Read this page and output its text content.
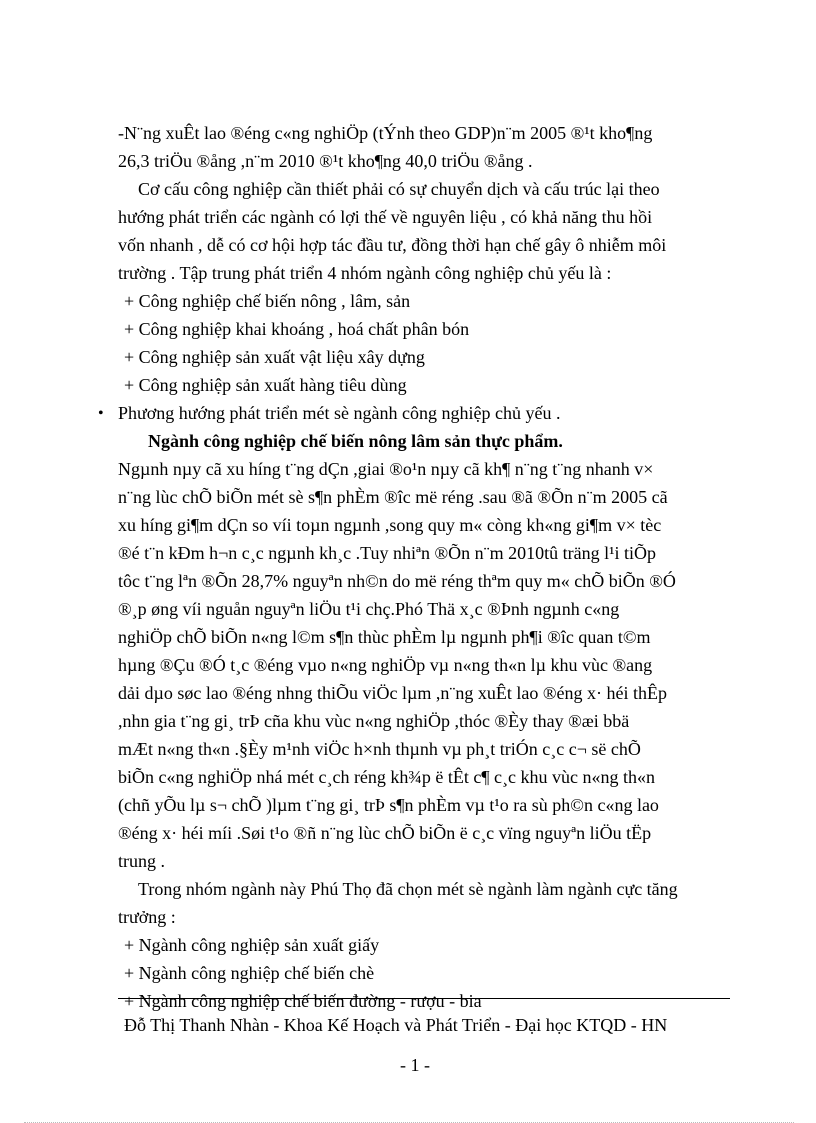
-N¨ng xuÊt lao ®éng c«ng nghiÖp (tÝnh theo GDP)n¨m 2005 ®¹t kho¶ng
26,3 triÖu ®ång ,n¨m 2010 ®¹t kho¶ng 40,0 triÖu ®ång .
Cơ cấu công nghiệp cần thiết phải có sự chuyển dịch và cấu trúc lại theo
hướng phát triển các ngành có lợi thế về nguyên liệu , có khả năng thu hồi
vốn nhanh , dễ có cơ hội hợp tác đầu tư, đồng thời hạn chế gây ô nhiễm môi
trường . Tập trung phát triển 4 nhóm ngành công nghiệp chủ yếu là :
+ Công nghiệp chế biến nông , lâm, sản
+ Công nghiệp khai khoáng , hoá chất phân bón
+ Công nghiệp sản xuất vật liệu xây dựng
+ Công nghiệp sản xuất hàng tiêu dùng
Phương hướng phát triển mét sè ngành công nghiệp chủ yếu .
•
Ngành công nghiệp chế biến nông lâm sản thực phẩm.
Ngµnh nµy cã xu híng t¨ng dÇn ,giai ®o¹n nµy cã kh¶ n¨ng t¨ng nhanh v×
n¨ng lùc chÕ biÕn mét sè s¶n phÈm ®îc më réng .sau ®ã ®Õn n¨m 2005 cã
xu híng gi¶m dÇn so víi toµn ngµnh ,song quy m« còng kh«ng gi¶m v× tèc
®é t¨n kÐm h¬n c¸c ngµnh kh¸c .Tuy nhiªn ®Õn n¨m 2010tû träng l¹i tiÕp
tôc t¨ng lªn ®Õn 28,7% nguyªn nh©n do më réng thªm quy m« chÕ biÕn ®Ó
®¸p øng víi nguån nguyªn liÖu t¹i chç.Phó Thä x¸c ®Þnh ngµnh c«ng
nghiÖp chÕ biÕn n«ng l©m s¶n thùc phÈm lµ ngµnh ph¶i ®îc quan t©m
hµng ®Çu ®Ó t¸c ®éng vµo n«ng nghiÖp vµ n«ng th«n lµ khu vùc ®ang
dải dµo søc lao ®éng nhng thiÕu viÖc lµm ,n¨ng xuÊt lao ®éng x· héi thÊp
,nhn gia t¨ng gi¸ trÞ cña khu vùc n«ng nghiÖp ,thóc ®Èy thay ®æi bbä
mÆt n«ng th«n .§Èy m¹nh viÖc h×nh thµnh vµ ph¸t triÓn c¸c c¬ së chÕ
biÕn c«ng nghiÖp nhá mét c¸ch réng kh¾p ë tÊt c¶ c¸c khu vùc n«ng th«n
(chñ yÕu lµ s¬ chÕ )lµm t¨ng gi¸ trÞ s¶n phÈm vµ t¹o ra sù ph©n c«ng lao
®éng x· héi míi .Søi t¹o ®ñ n¨ng lùc chÕ biÕn ë c¸c vïng nguyªn liÖu tËp
trung .
Trong nhóm ngành này Phú Thọ đã chọn mét sè ngành làm ngành cực tăng
trưởng :
+ Ngành công nghiệp sản xuất giấy
+ Ngành công nghiệp chế biến chè
+ Ngành công nghiệp chế biến đường - rượu - bia
Đỗ Thị Thanh Nhàn - Khoa Kế Hoạch và Phát Triển - Đại học KTQD - HN
- 1 -
